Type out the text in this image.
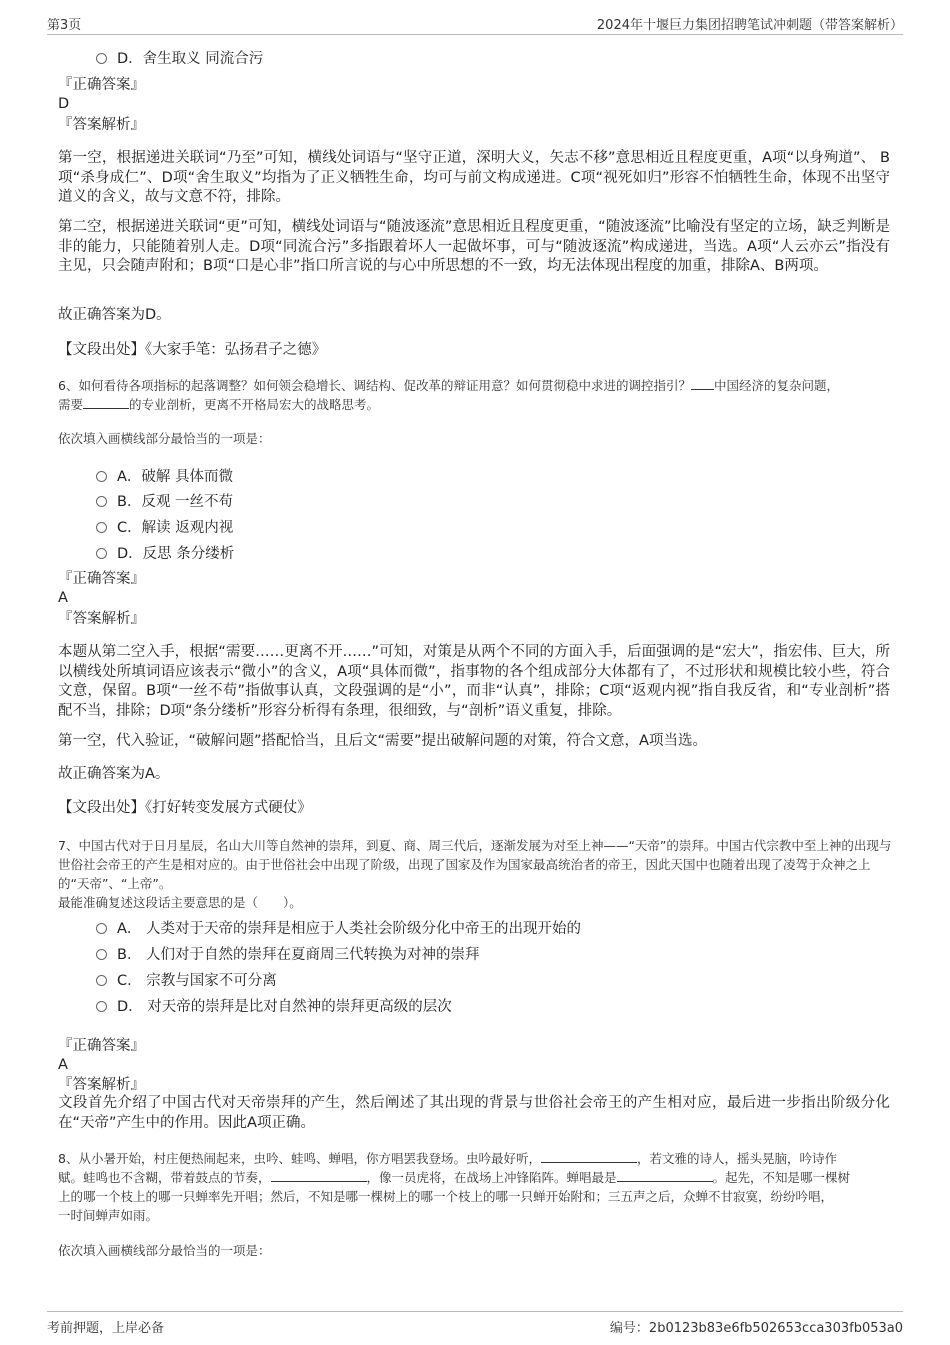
第3页	2024年十堰巨力集团招聘笔试冲刺题（带答案解析）
D．舍生取义 同流合污
『正确答案』
D
『答案解析』

第一空，根据递进关联词“乃至”可知，横线处词语与“坚守正道，深明大义，矢志不移”意思相近且程度更重，A项“以身殉道”、 B项“杀身成仁”、D项“舍生取义”均指为了正义牺牲生命，均可与前文构成递进。C项“视死如归”形容不怕牺牲生命，体现不出坚守道义的含义，故与文意不符，排除。

第二空，根据递进关联词“更”可知，横线处词语与“随波逐流”意思相近且程度更重，“随波逐流”比喻没有坚定的立场，缺乏判断是非的能力，只能随着别人走。D项“同流合污”多指跟着坏人一起做坏事，可与“随波逐流”构成递进，当选。A项“人云亦云”指没有主见，只会随声附和；B项“口是心非”指口所言说的与心中所思想的不一致，均无法体现出程度的加重，排除A、B两项。

故正确答案为D。

【文段出处】《大家手笔：弘扬君子之德》
6、如何看待各项指标的起落调整？如何领会稳增长、调结构、促改革的辩证用意？如何贯彻稳中求进的调控指引？ 中国经济的复杂问题，
需要	的专业剖析，更离不开格局宏大的战略思考。
依次填入画横线部分最恰当的一项是：
A．破解 具体而微
B．反观 一丝不苟
C．解读 返观内视
D．反思 条分缕析
『正确答案』
A
『答案解析』

本题从第二空入手，根据“需要……更离不开……”可知，对策是从两个不同的方面入手，后面强调的是“宏大”，指宏伟、巨大，所以横线处所填词语应该表示“微小”的含义，A项“具体而微”，指事物的各个组成部分大体都有了，不过形状和规模比较小些，符合文意，保留。B项“一丝不苟”指做事认真，文段强调的是“小”，而非“认真”，排除；C项“返观内视”指自我反省，和“专业剖析”搭配不当，排除；D项“条分缕析”形容分析得有条理，很细致，与“剖析”语义重复，排除。

第一空，代入验证，“破解问题”搭配恰当，且后文“需要”提出破解问题的对策，符合文意，A项当选。

故正确答案为A。

【文段出处】《打好转变发展方式硬仗》
7、中国古代对于日月星辰，名山大川等自然神的崇拜，到夏、商、周三代后，逐渐发展为对至上神——“天帝”的崇拜。中国古代宗教中至上神的出现与世俗社会帝王的产生是相对应的。由于世俗社会中出现了阶级，出现了国家及作为国家最高统治者的帝王，因此天国中也随着出现了凌驾于众神之上的“天帝”、“上帝”。
最能准确复述这段话主要意思的是（　　）。
A． 人类对于天帝的崇拜是相应于人类社会阶级分化中帝王的出现开始的
B． 人们对于自然的崇拜在夏商周三代转换为对神的崇拜
C． 宗教与国家不可分离
D． 对天帝的崇拜是比对自然神的崇拜更高级的层次
『正确答案』
A
『答案解析』

文段首先介绍了中国古代对天帝崇拜的产生，然后阐述了其出现的背景与世俗社会帝王的产生相对应，最后进一步指出阶级分化在“天帝”产生中的作用。因此A项正确。

8、从小暑开始，村庄便热闹起来，虫吟、蛙鸣、蝉唱，你方唱罢我登场。虫吟最好听，	，若文雅的诗人，摇头晃脑，吟诗作
赋。蛙鸣也不含糊，带着鼓点的节奏，	，像一员虎将，在战场上冲锋陷阵。蝉唱最是	。起先，不知是哪一棵树
上的哪一个枝上的哪一只蝉率先开唱；然后，不知是哪一棵树上的哪一个枝上的哪一只蝉开始附和；三五声之后，众蝉不甘寂寞，纷纷吟唱，
一时间蝉声如雨。
依次填入画横线部分最恰当的一项是：
考前押题，上岸必备	编号：2b0123b83e6fb502653cca303fb053a0
